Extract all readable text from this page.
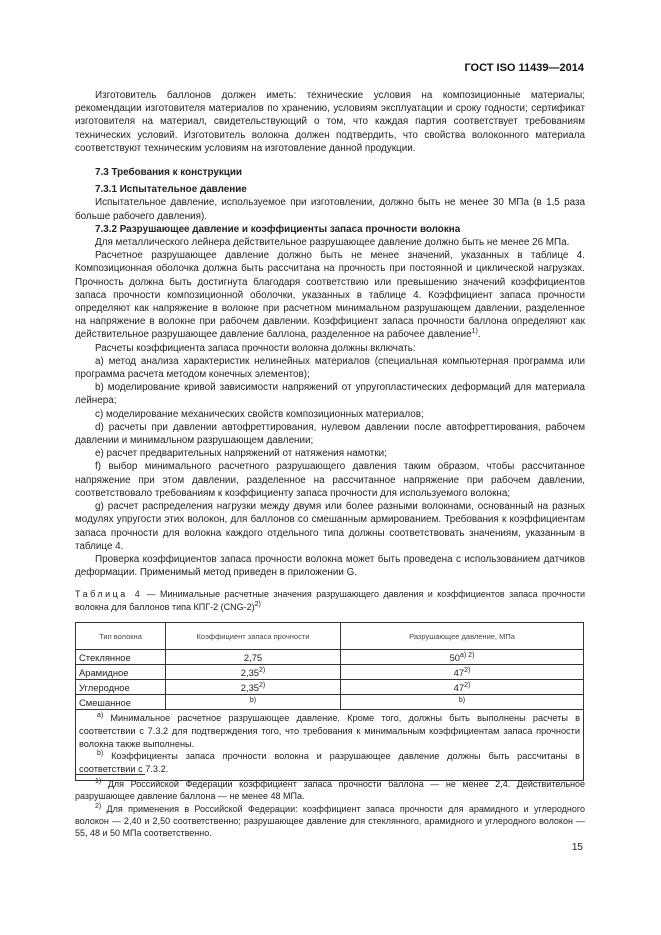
ГОСТ ISO 11439—2014

Изготовитель баллонов должен иметь: технические условия на композиционные материалы; рекомендации изготовителя материалов по хранению, условиям эксплуатации и сроку годности; сертификат изготовителя на материал, свидетельствующий о том, что каждая партия соответствует требованиям технических условий. Изготовитель волокна должен подтвердить, что свойства волоконного материала соответствуют техническим условиям на изготовление данной продукции.

7.3 Требования к конструкции
7.3.1 Испытательное давление

Испытательное давление, используемое при изготовлении, должно быть не менее 30 МПа (в 1,5 раза больше рабочего давления).

7.3.2 Разрушающее давление и коэффициенты запаса прочности волокна

Для металлического лейнера действительное разрушающее давление должно быть не менее 26 МПа.

Расчетное разрушающее давление должно быть не менее значений, указанных в таблице 4. Композиционная оболочка должна быть рассчитана на прочность при постоянной и циклической нагрузках. Прочность должна быть достигнута благодаря соответствию или превышению значений коэффициентов запаса прочности композиционной оболочки, указанных в таблице 4. Коэффициент запаса прочности определяют как напряжение в волокне при расчетном минимальном разрушающем давлении, разделенное на напряжение в волокне при рабочем давлении. Коэффициент запаса прочности баллона определяют как действительное разрушающее давление баллона, разделенное на рабочее давление$^{1)}$.

Расчеты коэффициента запаса прочности волокна должны включать:

a) метод анализа характеристик нелинейных материалов (специальная компьютерная программа или программа расчета методом конечных элементов);

b) моделирование кривой зависимости напряжений от упругопластических деформаций для материала лейнера;

c) моделирование механических свойств композиционных материалов;

d) расчеты при давлении автофреттирования, нулевом давлении после автофреттирования, рабочем давлении и минимальном разрушающем давлении;

e) расчет предварительных напряжений от натяжения намотки;

f) выбор минимального расчетного разрушающего давления таким образом, чтобы рассчитанное напряжение при этом давлении, разделенное на рассчитанное напряжение при рабочем давлении, соответствовало требованиям к коэффициенту запаса прочности для используемого волокна;

g) расчет распределения нагрузки между двумя или более разными волокнами, основанный на разных модулях упругости этих волокон, для баллонов со смешанным армированием. Требования к коэффициентам запаса прочности для волокна каждого отдельного типа должны соответствовать значениям, указанным в таблице 4.

Проверка коэффициентов запаса прочности волокна может быть проведена с использованием датчиков деформации. Применимый метод приведен в приложении G.

Таблица 4 — Минимальные расчетные значения разрушающего давления и коэффициентов запаса прочности волокна для баллонов типа КПГ-2 $(CNG-2)^{2)}$
Тип волокна	Коэффициент запаса прочности	Разрушающее давление, МПа
Стеклянное	2,75	$50^{а) 2)}$
Арамидное	2,35$^{2)}$	47$^{2)}$
Углеродное	2,35$^{2)}$	47$^{2)}$
Смешанное	$^{b)}$	$^{b)}$

$^{а)}$ Минимальное расчетное разрушающее давление. Кроме того, должны быть выполнены расчеты в соответствии с 7.3.2 для подтверждения того, что требования к минимальным коэффициентам запаса прочности волокна также выполнены.

$^{b)}$ Коэффициенты запаса прочности волокна и разрушающее давление должны быть рассчитаны в соответствии с 7.3.2.		

$^{1)}$ Для Российской Федерации коэффициент запаса прочности баллона — не менее 2,4. Действительное разрушающее давление баллона — не менее 48 МПа.

$^{2)}$ Для применения в Российской Федерации: коэффициент запаса прочности для арамидного и углеродного волокон — 2,40 и 2,50 соответственно; разрушающее давление для стеклянного, арамидного и углеродного волокон — 55, 48 и 50 МПа соответственно.

15
